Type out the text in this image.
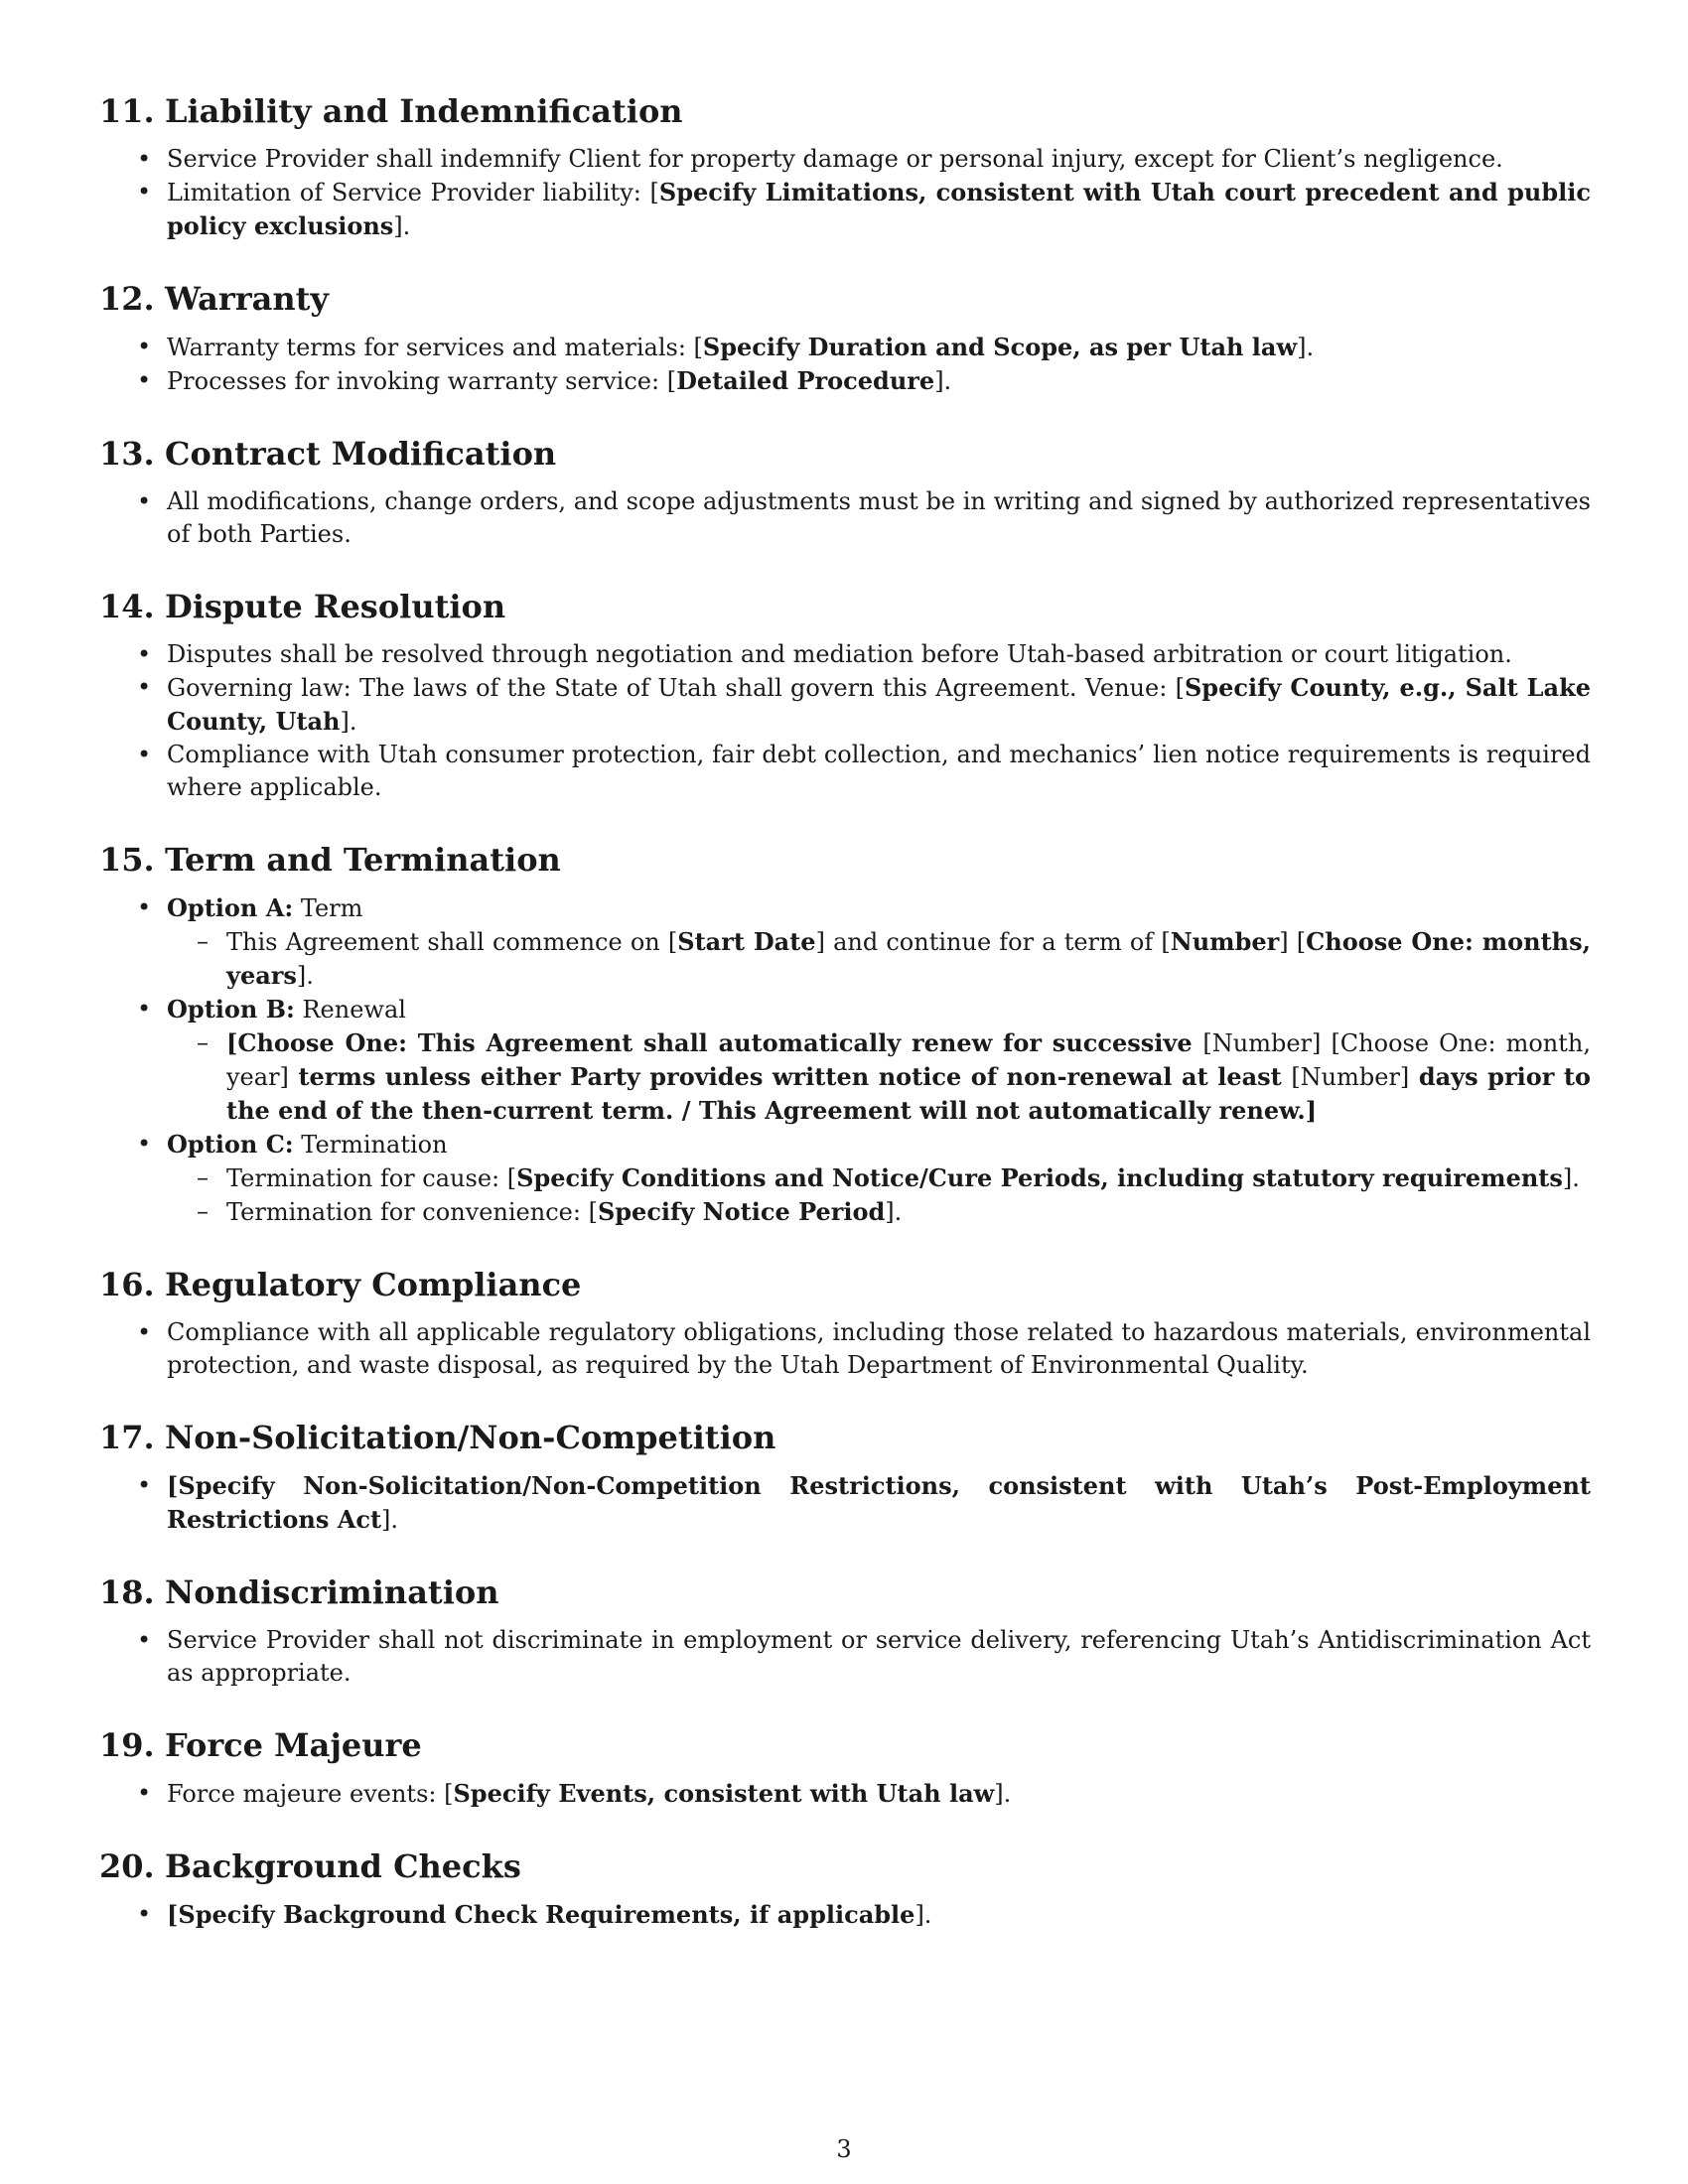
11. Liability and Indemnification
• Service Provider shall indemnify Client for property damage or personal injury, except for Client’s negligence.
• Limitation of Service Provider liability: [Specify Limitations, consistent with Utah court precedent and public policy exclusions].
12. Warranty
• Warranty terms for services and materials: [Specify Duration and Scope, as per Utah law].
• Processes for invoking warranty service: [Detailed Procedure].
13. Contract Modification
• All modifications, change orders, and scope adjustments must be in writing and signed by authorized representatives of both Parties.
14. Dispute Resolution
• Disputes shall be resolved through negotiation and mediation before Utah-based arbitration or court litigation.
• Governing law: The laws of the State of Utah shall govern this Agreement. Venue: [Specify County, e.g., Salt Lake County, Utah].
• Compliance with Utah consumer protection, fair debt collection, and mechanics’ lien notice requirements is required where applicable.
15. Term and Termination
• Option A: Term
– This Agreement shall commence on [Start Date] and continue for a term of [Number] [Choose One: months, years].
• Option B: Renewal
– [Choose One: This Agreement shall automatically renew for successive [Number] [Choose One: month, year] terms unless either Party provides written notice of non-renewal at least [Number] days prior to the end of the then-current term. / This Agreement will not automatically renew.]
• Option C: Termination
– Termination for cause: [Specify Conditions and Notice/Cure Periods, including statutory requirements].
– Termination for convenience: [Specify Notice Period].
16. Regulatory Compliance
• Compliance with all applicable regulatory obligations, including those related to hazardous materials, environmental protection, and waste disposal, as required by the Utah Department of Environmental Quality.
17. Non-Solicitation/Non-Competition
• [Specify Non-Solicitation/Non-Competition Restrictions, consistent with Utah’s Post-Employment Restrictions Act].
18. Nondiscrimination
• Service Provider shall not discriminate in employment or service delivery, referencing Utah’s Antidiscrimination Act as appropriate.
19. Force Majeure
• Force majeure events: [Specify Events, consistent with Utah law].
20. Background Checks
• [Specify Background Check Requirements, if applicable].
3
